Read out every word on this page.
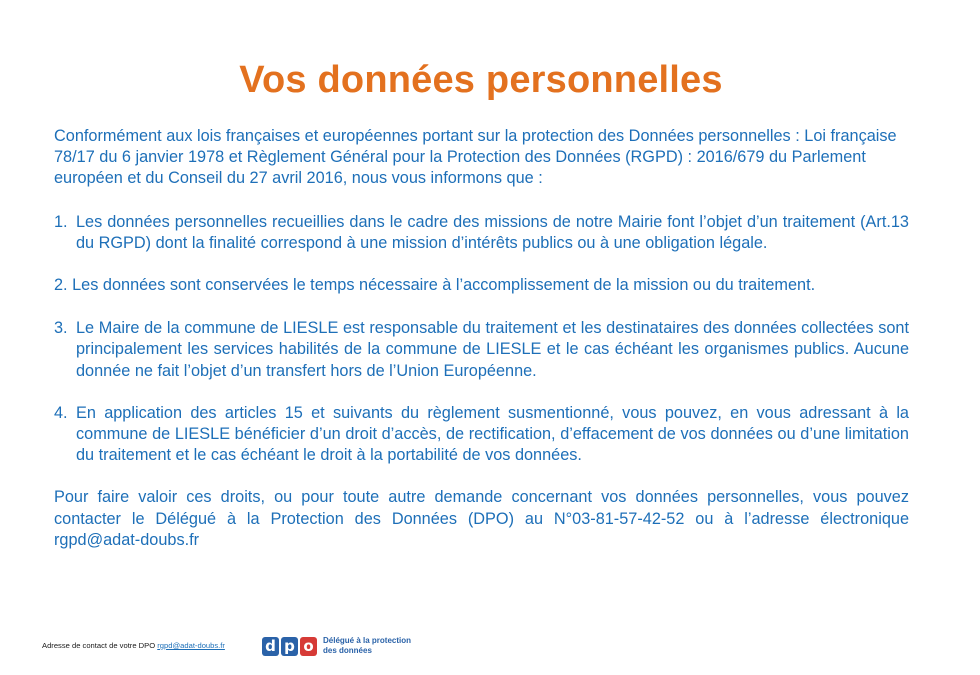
Vos données personnelles

Conformément aux lois françaises et européennes portant sur la protection des Données personnelles : Loi française 78/17 du 6 janvier 1978 et Règlement Général pour la Protection des Données (RGPD) : 2016/679 du Parlement européen et du Conseil du 27 avril 2016, nous vous informons que :

1. Les données personnelles recueillies dans le cadre des missions de notre Mairie font l’objet d’un traitement (Art.13 du RGPD) dont la finalité correspond à une mission d’intérêts publics ou à une obligation légale.

2. Les données sont conservées le temps nécessaire à l’accomplissement de la mission ou du traitement.

3. Le Maire de la commune de LIESLE est responsable du traitement et les destinataires des données collectées sont principalement les services habilités de la commune de LIESLE et le cas échéant les organismes publics. Aucune donnée ne fait l’objet d’un transfert hors de l’Union Européenne.

4. En application des articles 15 et suivants du règlement susmentionné, vous pouvez, en vous adressant à la commune de LIESLE bénéficier d’un droit d’accès, de rectification, d’effacement de vos données ou d’une limitation du traitement et le cas échéant le droit à la portabilité de vos données.

Pour faire valoir ces droits, ou pour toute autre demande concernant vos données personnelles, vous pouvez contacter le Délégué à la Protection des Données (DPO) au N°03-81-57-42-52 ou à l’adresse électronique rgpd@adat-doubs.fr

Adresse de contact de votre DPO rgpd@adat-doubs.fr	d p o	Délégué à la protection
des données
